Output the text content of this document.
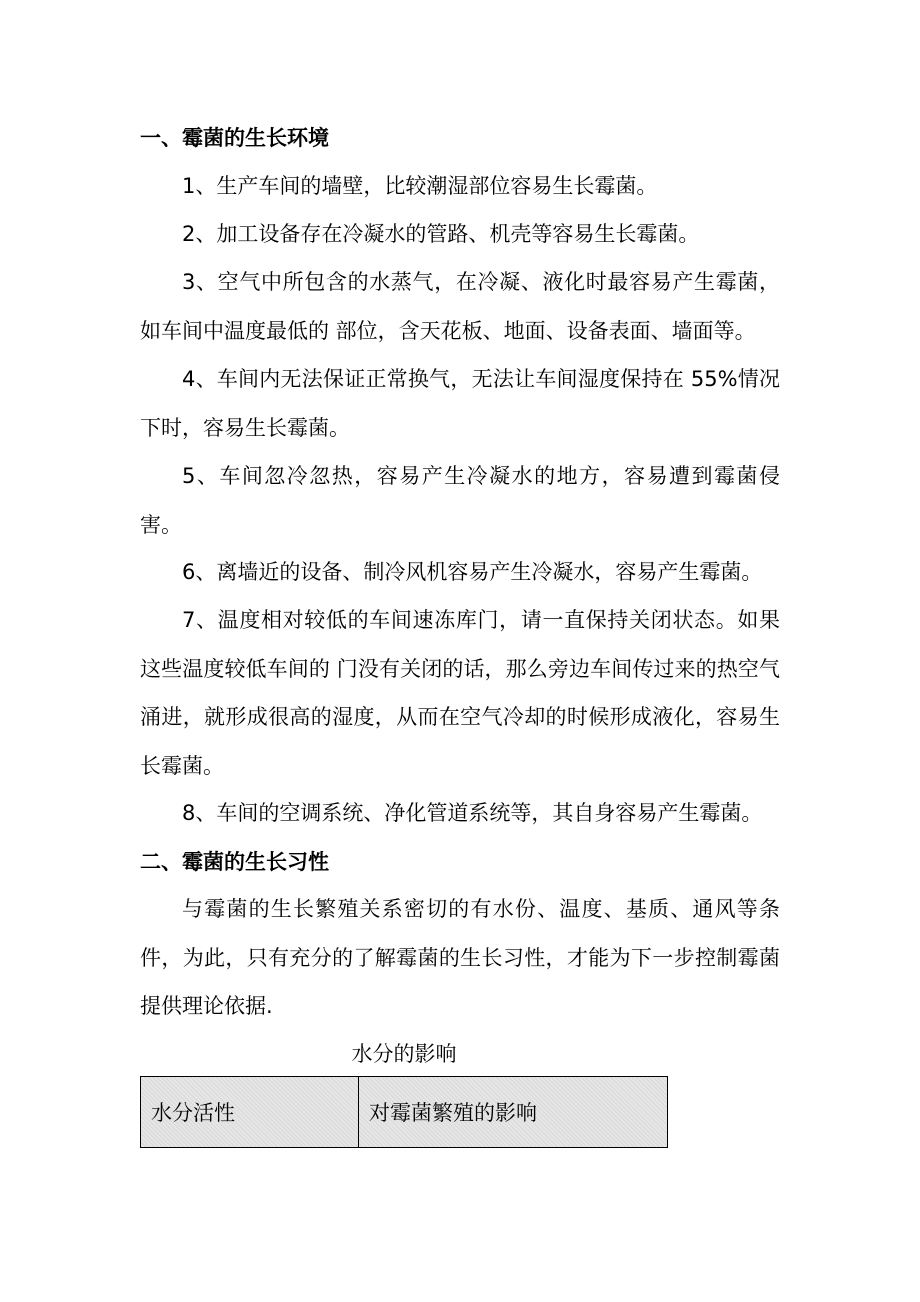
一、霉菌的生长环境

1、生产车间的墙壁，比较潮湿部位容易生长霉菌。

2、加工设备存在冷凝水的管路、机壳等容易生长霉菌。

3、空气中所包含的水蒸气，在冷凝、液化时最容易产生霉菌，如车间中温度最低的 部位，含天花板、地面、设备表面、墙面等。

4、车间内无法保证正常换气，无法让车间湿度保持在 55%情况下时，容易生长霉菌。

5、车间忽冷忽热，容易产生冷凝水的地方，容易遭到霉菌侵害。

6、离墙近的设备、制冷风机容易产生冷凝水，容易产生霉菌。

7、温度相对较低的车间速冻库门，请一直保持关闭状态。如果这些温度较低车间的 门没有关闭的话，那么旁边车间传过来的热空气涌进，就形成很高的湿度，从而在空气冷却的时候形成液化，容易生长霉菌。

8、车间的空调系统、净化管道系统等，其自身容易产生霉菌。

二、霉菌的生长习性

与霉菌的生长繁殖关系密切的有水份、温度、基质、通风等条件，为此，只有充分的了解霉菌的生长习性，才能为下一步控制霉菌提供理论依据.

水分的影响
水分活性	对霉菌繁殖的影响
